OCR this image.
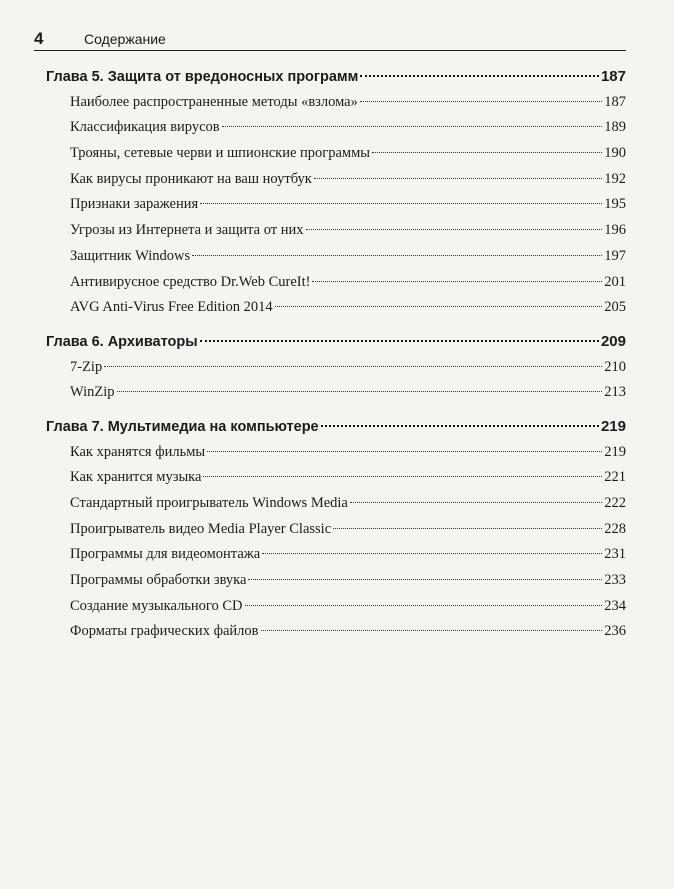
4	Содержание
Глава 5. Защита от вредоносных программ	187
Наиболее распространенные методы «взлома»	187
Классификация вирусов	189
Трояны, сетевые черви и шпионские программы	190
Как вирусы проникают на ваш ноутбук	192
Признаки заражения	195
Угрозы из Интернета и защита от них	196
Защитник Windows	197
Антивирусное средство Dr.Web CureIt!	201
AVG Anti-Virus Free Edition 2014	205
Глава 6. Архиваторы	209
7-Zip	210
WinZip	213
Глава 7. Мультимедиа на компьютере	219
Как хранятся фильмы	219
Как хранится музыка	221
Стандартный проигрыватель Windows Media	222
Проигрыватель видео Media Player Classic	228
Программы для видеомонтажа	231
Программы обработки звука	233
Создание музыкального CD	234
Форматы графических файлов	236
